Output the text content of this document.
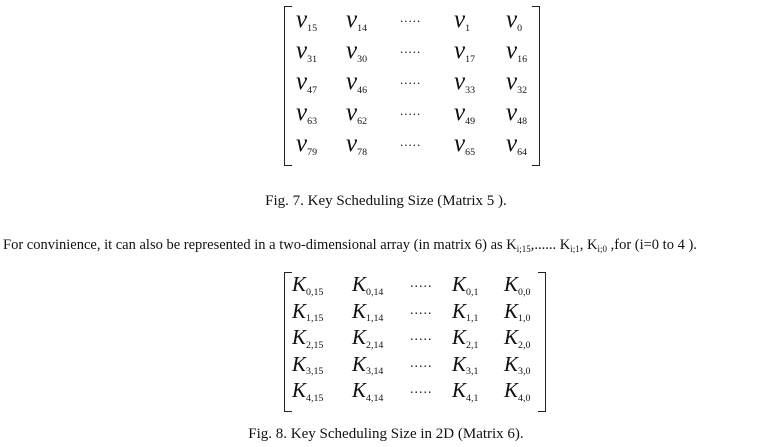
$v_{15}$ $v_{14}$
..... $v_1$ $v_0$
$v_{31}$ $v_{30}$
..... $v_{17}$ $v_{16}$
$v_{47}$ $v_{46}$
..... $v_{33}$ $v_{32}$
$v_{63}$ $v_{62}$
..... $v_{49}$ $v_{48}$
$v_{79}$ $v_{78}$
..... $v_{65}$ $v_{64}$
Fig. 7. Key Scheduling Size (Matrix 5 ).
For convinience, it can also be represented in a two-dimensional array (in matrix 6) as Ki;15,...... Ki;1, Ki;0 ,for (i=0 to 4 ).
$K_{0,15}$ $K_{0,14}$
..... $K_{0,1}$ $K_{0,0}$
$K_{1,15}$ $K_{1,14}$
..... $K_{1,1}$ $K_{1,0}$
$K_{2,15}$ $K_{2,14}$
..... $K_{2,1}$ $K_{2,0}$
$K_{3,15}$ $K_{3,14}$
..... $K_{3,1}$ $K_{3,0}$
$K_{4,15}$ $K_{4,14}$
..... $K_{4,1}$ $K_{4,0}$
Fig. 8. Key Scheduling Size in 2D (Matrix 6).
